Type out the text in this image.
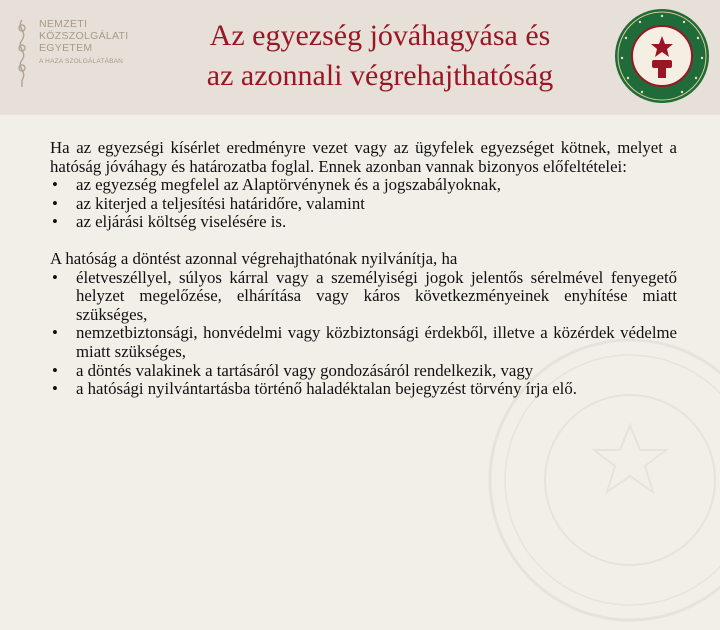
NEMZETI
KÖZSZOLGÁLATI
EGYETEM
A HAZA SZOLGÁLATÁBAN
Az egyezség jóváhagyása és
az azonnali végrehajthatóság

Ha az egyezségi kísérlet eredményre vezet vagy az ügyfelek egyezséget kötnek, melyet a hatóság jóváhagy és határozatba foglal. Ennek azonban vannak bizonyos előfeltételei:

• az egyezség megfelel az Alaptörvénynek és a jogszabályoknak,
• az kiterjed a teljesítési határidőre, valamint
• az eljárási költség viselésére is.

A hatóság a döntést azonnal végrehajthatónak nyilvánítja, ha

• életveszéllyel, súlyos kárral vagy a személyiségi jogok jelentős sérelmével fenyegető helyzet megelőzése, elhárítása vagy káros következményeinek enyhítése miatt szükséges,
• nemzetbiztonsági, honvédelmi vagy közbiztonsági érdekből, illetve a közérdek védelme miatt szükséges,
• a döntés valakinek a tartásáról vagy gondozásáról rendelkezik, vagy
• a hatósági nyilvántartásba történő haladéktalan bejegyzést törvény írja elő.
